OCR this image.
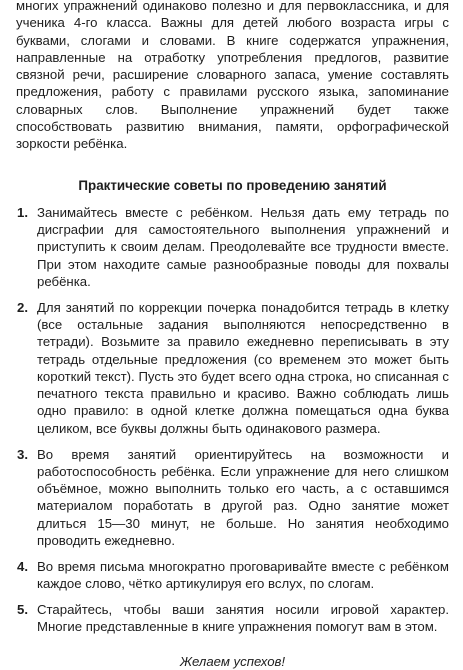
многих упражнений одинаково полезно и для первоклассника, и для ученика 4-го класса. Важны для детей любого возраста игры с буквами, слогами и словами. В книге содержатся упражнения, направленные на отработку употребления предлогов, развитие связной речи, расширение словарного запаса, умение составлять предложения, работу с правилами русского языка, запоминание словарных слов. Выполнение упражнений будет также способствовать развитию внимания, памяти, орфографической зоркости ребёнка.

Практические советы по проведению занятий
1. Занимайтесь вместе с ребёнком. Нельзя дать ему тетрадь по дисграфии для самостоятельного выполнения упражнений и приступить к своим делам. Преодолевайте все трудности вместе. При этом находите самые разнообразные поводы для похвалы ребёнка.
2. Для занятий по коррекции почерка понадобится тетрадь в клетку (все остальные задания выполняются непосредственно в тетради). Возьмите за правило ежедневно переписывать в эту тетрадь отдельные предложения (со временем это может быть короткий текст). Пусть это будет всего одна строка, но списанная с печатного текста правильно и красиво. Важно соблюдать лишь одно правило: в одной клетке должна помещаться одна буква целиком, все буквы должны быть одинакового размера.
3. Во время занятий ориентируйтесь на возможности и работоспособность ребёнка. Если упражнение для него слишком объёмное, можно выполнить только его часть, а с оставшимся материалом поработать в другой раз. Одно занятие может длиться 15—30 минут, не больше. Но занятия необходимо проводить ежедневно.
4. Во время письма многократно проговаривайте вместе с ребёнком каждое слово, чётко артикулируя его вслух, по слогам.
5. Старайтесь, чтобы ваши занятия носили игровой характер. Многие представленные в книге упражнения помогут вам в этом.

Желаем успехов!
